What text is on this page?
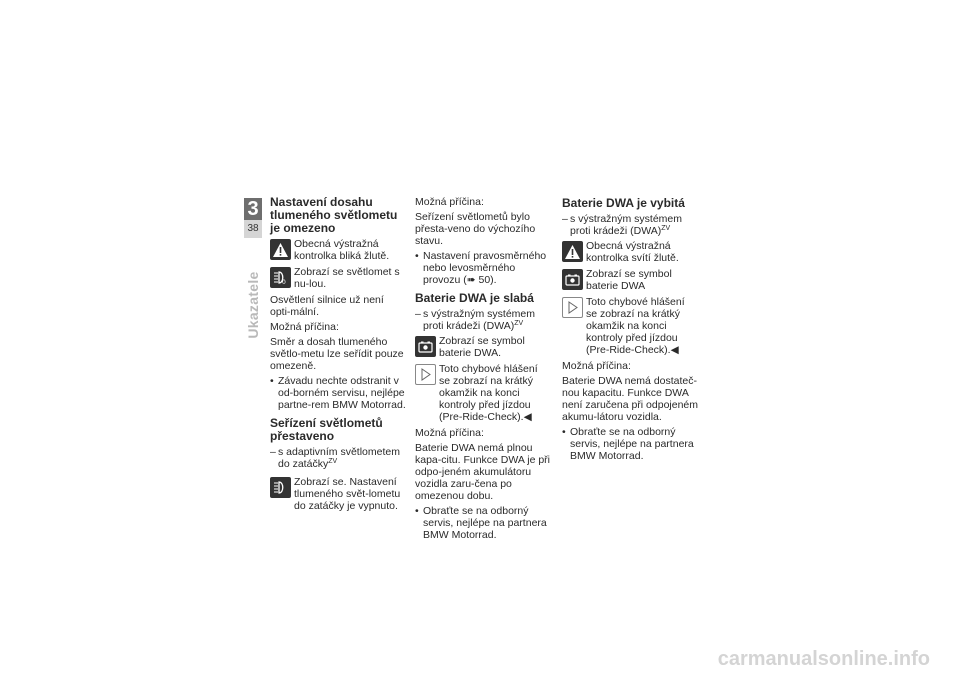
3
38
Ukazatele
Nastavení dosahu tlumeného světlometu je omezeno
Obecná výstražná kontrolka bliká žlutě.
0
Zobrazí se světlomet s nu-lou.

Osvětlení silnice už není opti-mální.

Možná příčina:

Směr a dosah tlumeného světlo-metu lze seřídit pouze omezeně.

• Závadu nechte odstranit v od-borném servisu, nejlépe partne-rem BMW Motorrad.
Seřízení světlometů přestaveno
– s adaptivním světlometem do zatáčky$^{ZV}$
Zobrazí se. Nastavení tlumeného svět-lometu do zatáčky je vypnuto.

Možná příčina:

Seřízení světlometů bylo přesta-veno do výchozího stavu.

• Nastavení pravosměrného nebo levosměrného provozu (➠ 50).
Baterie DWA je slabá
– s výstražným systémem proti krádeži (DWA)$^{ZV}$
Zobrazí se symbol baterie DWA.
Toto chybové hlášení se zobrazí na krátký okamžik na konci kontroly před jízdou (Pre-Ride-Check).◀

Možná příčina:

Baterie DWA nemá plnou kapa-citu. Funkce DWA je při odpo-jeném akumulátoru vozidla zaru-čena po omezenou dobu.

• Obraťte se na odborný servis, nejlépe na partnera BMW Motorrad.
Baterie DWA je vybitá
– s výstražným systémem proti krádeži (DWA)$^{ZV}$
Obecná výstražná kontrolka svítí žlutě.
Zobrazí se symbol baterie DWA
Toto chybové hlášení se zobrazí na krátký okamžik na konci kontroly před jízdou (Pre-Ride-Check).◀

Možná příčina:

Baterie DWA nemá dostateč-nou kapacitu. Funkce DWA není zaručena při odpojeném akumu-látoru vozidla.

• Obraťte se na odborný servis, nejlépe na partnera BMW Motorrad.
carmanualsonline.info
